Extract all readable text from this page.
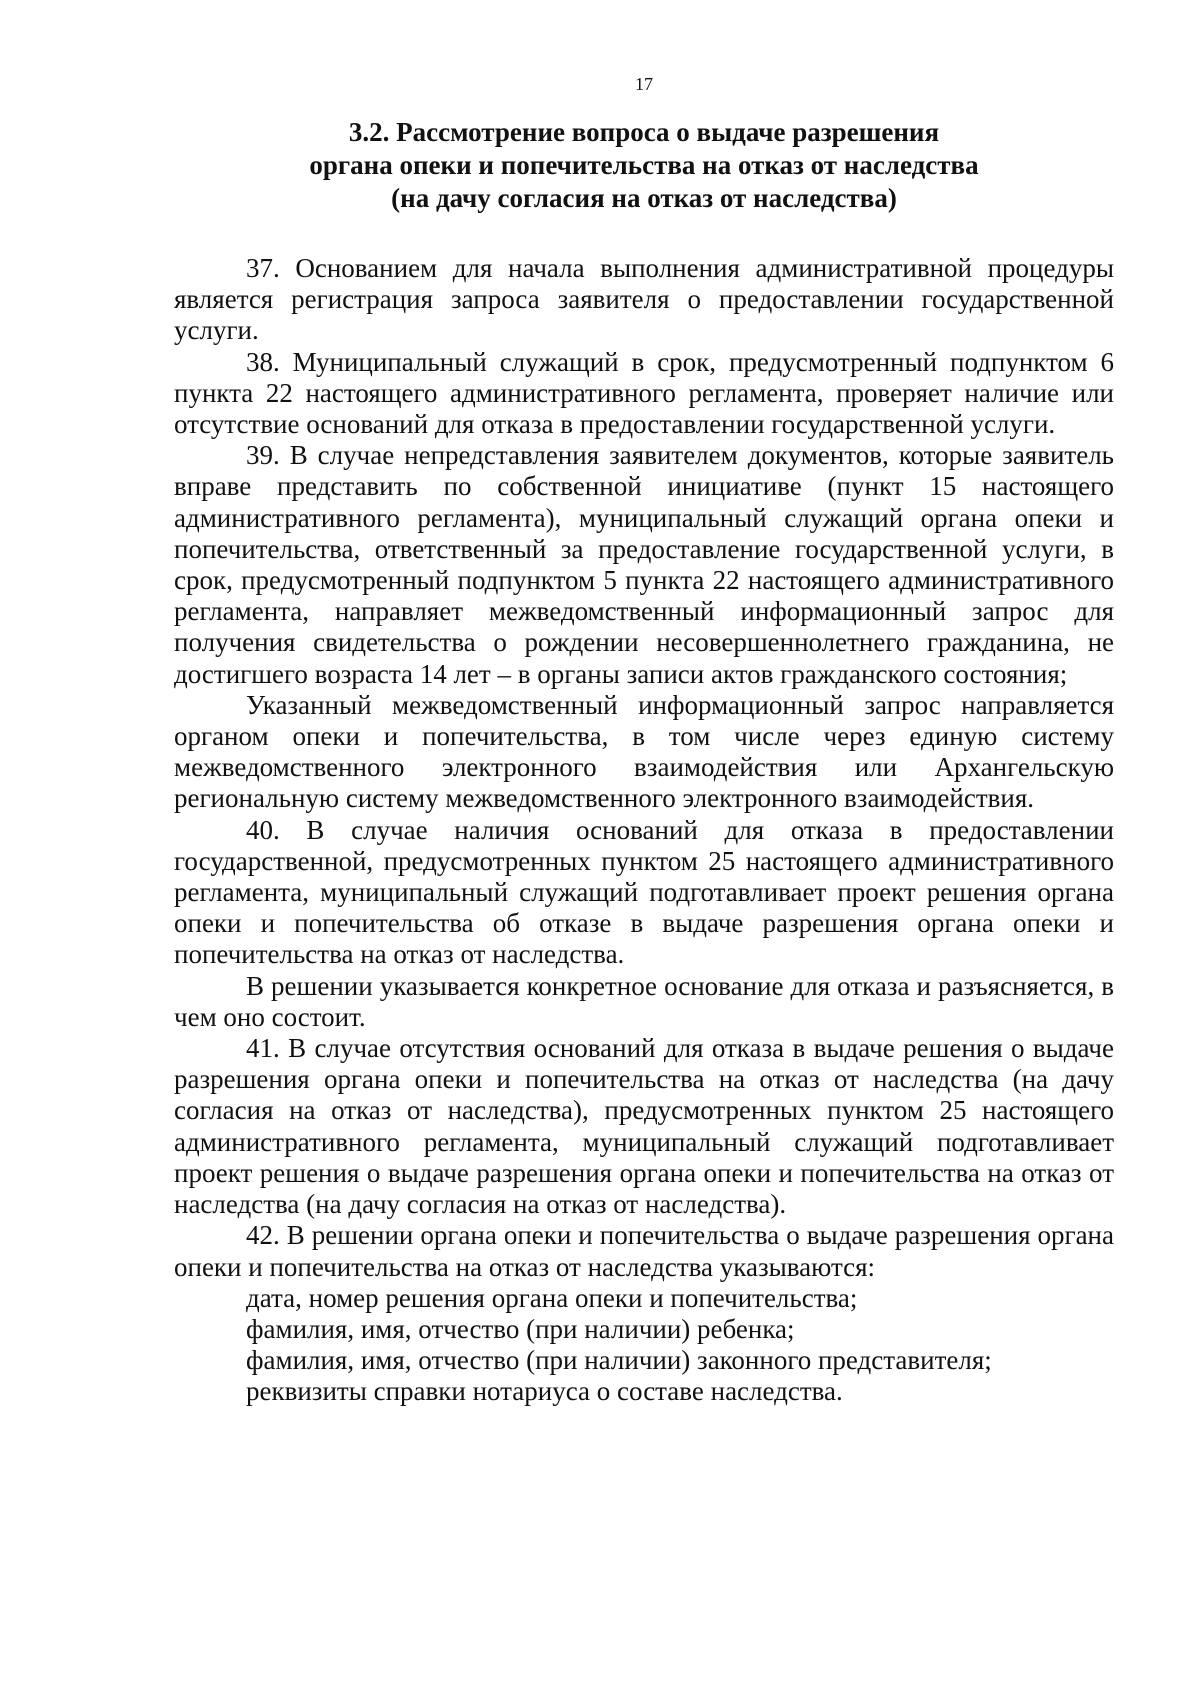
17
3.2. Рассмотрение вопроса о выдаче разрешения
органа опеки и попечительства на отказ от наследства
(на дачу согласия на отказ от наследства)

37. Основанием для начала выполнения административной процедуры является регистрация запроса заявителя о предоставлении государственной услуги.

38. Муниципальный служащий в срок, предусмотренный подпунктом 6 пункта 22 настоящего административного регламента, проверяет наличие или отсутствие оснований для отказа в предоставлении государственной услуги.

39. В случае непредставления заявителем документов, которые заявитель вправе представить по собственной инициативе (пункт 15 настоящего административного регламента), муниципальный служащий органа опеки и попечительства, ответственный за предоставление государственной услуги, в срок, предусмотренный подпунктом 5 пункта 22 настоящего административного регламента, направляет межведомственный информационный запрос для получения свидетельства о рождении несовершеннолетнего гражданина, не достигшего возраста 14 лет – в органы записи актов гражданского состояния;

Указанный межведомственный информационный запрос направляется органом опеки и попечительства, в том числе через единую систему межведомственного электронного взаимодействия или Архангельскую региональную систему межведомственного электронного взаимодействия.

40. В случае наличия оснований для отказа в предоставлении государственной, предусмотренных пунктом 25 настоящего административного регламента, муниципальный служащий подготавливает проект решения органа опеки и попечительства об отказе в выдаче разрешения органа опеки и попечительства на отказ от наследства.

В решении указывается конкретное основание для отказа и разъясняется, в чем оно состоит.

41. В случае отсутствия оснований для отказа в выдаче решения о выдаче разрешения органа опеки и попечительства на отказ от наследства (на дачу согласия на отказ от наследства), предусмотренных пунктом 25 настоящего административного регламента, муниципальный служащий подготавливает проект решения о выдаче разрешения органа опеки и попечительства на отказ от наследства (на дачу согласия на отказ от наследства).

42. В решении органа опеки и попечительства о выдаче разрешения органа опеки и попечительства на отказ от наследства указываются:

дата, номер решения органа опеки и попечительства;

фамилия, имя, отчество (при наличии) ребенка;

фамилия, имя, отчество (при наличии) законного представителя;

реквизиты справки нотариуса о составе наследства.
